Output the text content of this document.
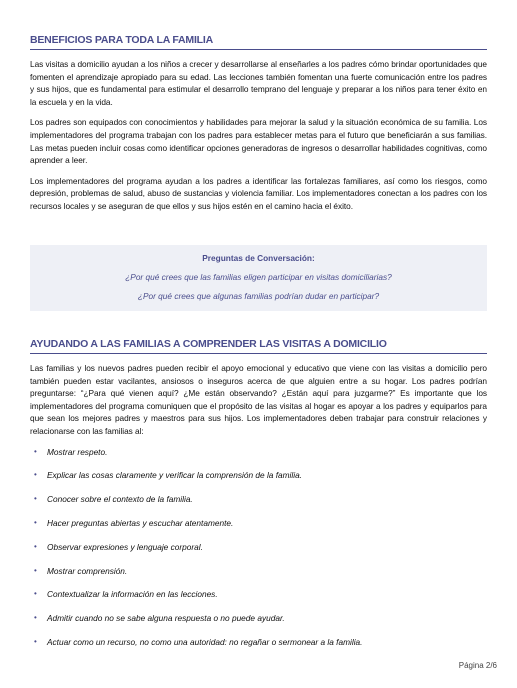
BENEFICIOS PARA TODA LA FAMILIA

Las visitas a domicilio ayudan a los niños a crecer y desarrollarse al enseñarles a los padres cómo brindar oportunidades que fomenten el aprendizaje apropiado para su edad. Las lecciones también fomentan una fuerte comunicación entre los padres y sus hijos, que es fundamental para estimular el desarrollo temprano del lenguaje y preparar a los niños para tener éxito en la escuela y en la vida.

Los padres son equipados con conocimientos y habilidades para mejorar la salud y la situación económica de su familia. Los implementadores del programa trabajan con los padres para establecer metas para el futuro que beneficiarán a sus familias. Las metas pueden incluir cosas como identificar opciones generadoras de ingresos o desarrollar habilidades cognitivas, como aprender a leer.

Los implementadores del programa ayudan a los padres a identificar las fortalezas familiares, así como los riesgos, como depresión, problemas de salud, abuso de sustancias y violencia familiar. Los implementadores conectan a los padres con los recursos locales y se aseguran de que ellos y sus hijos estén en el camino hacia el éxito.

Preguntas de Conversación:
¿Por qué crees que las familias eligen participar en visitas domiciliarias?
¿Por qué crees que algunas familias podrían dudar en participar?
AYUDANDO A LAS FAMILIAS A COMPRENDER LAS VISITAS A DOMICILIO

Las familias y los nuevos padres pueden recibir el apoyo emocional y educativo que viene con las visitas a domicilio pero también pueden estar vacilantes, ansiosos o inseguros acerca de que alguien entre a su hogar. Los padres podrían preguntarse: “¿Para qué vienen aquí? ¿Me están observando? ¿Están aquí para juzgarme?” Es importante que los implementadores del programa comuniquen que el propósito de las visitas al hogar es apoyar a los padres y equiparlos para que sean los mejores padres y maestros para sus hijos. Los implementadores deben trabajar para construir relaciones y relacionarse con las familias al:

• Mostrar respeto.
• Explicar las cosas claramente y verificar la comprensión de la familia.
• Conocer sobre el contexto de la familia.
• Hacer preguntas abiertas y escuchar atentamente.
• Observar expresiones y lenguaje corporal.
• Mostrar comprensión.
• Contextualizar la información en las lecciones.
• Admitir cuando no se sabe alguna respuesta o no puede ayudar.
• Actuar como un recurso, no como una autoridad: no regañar o sermonear a la familia.
Página 2/6
